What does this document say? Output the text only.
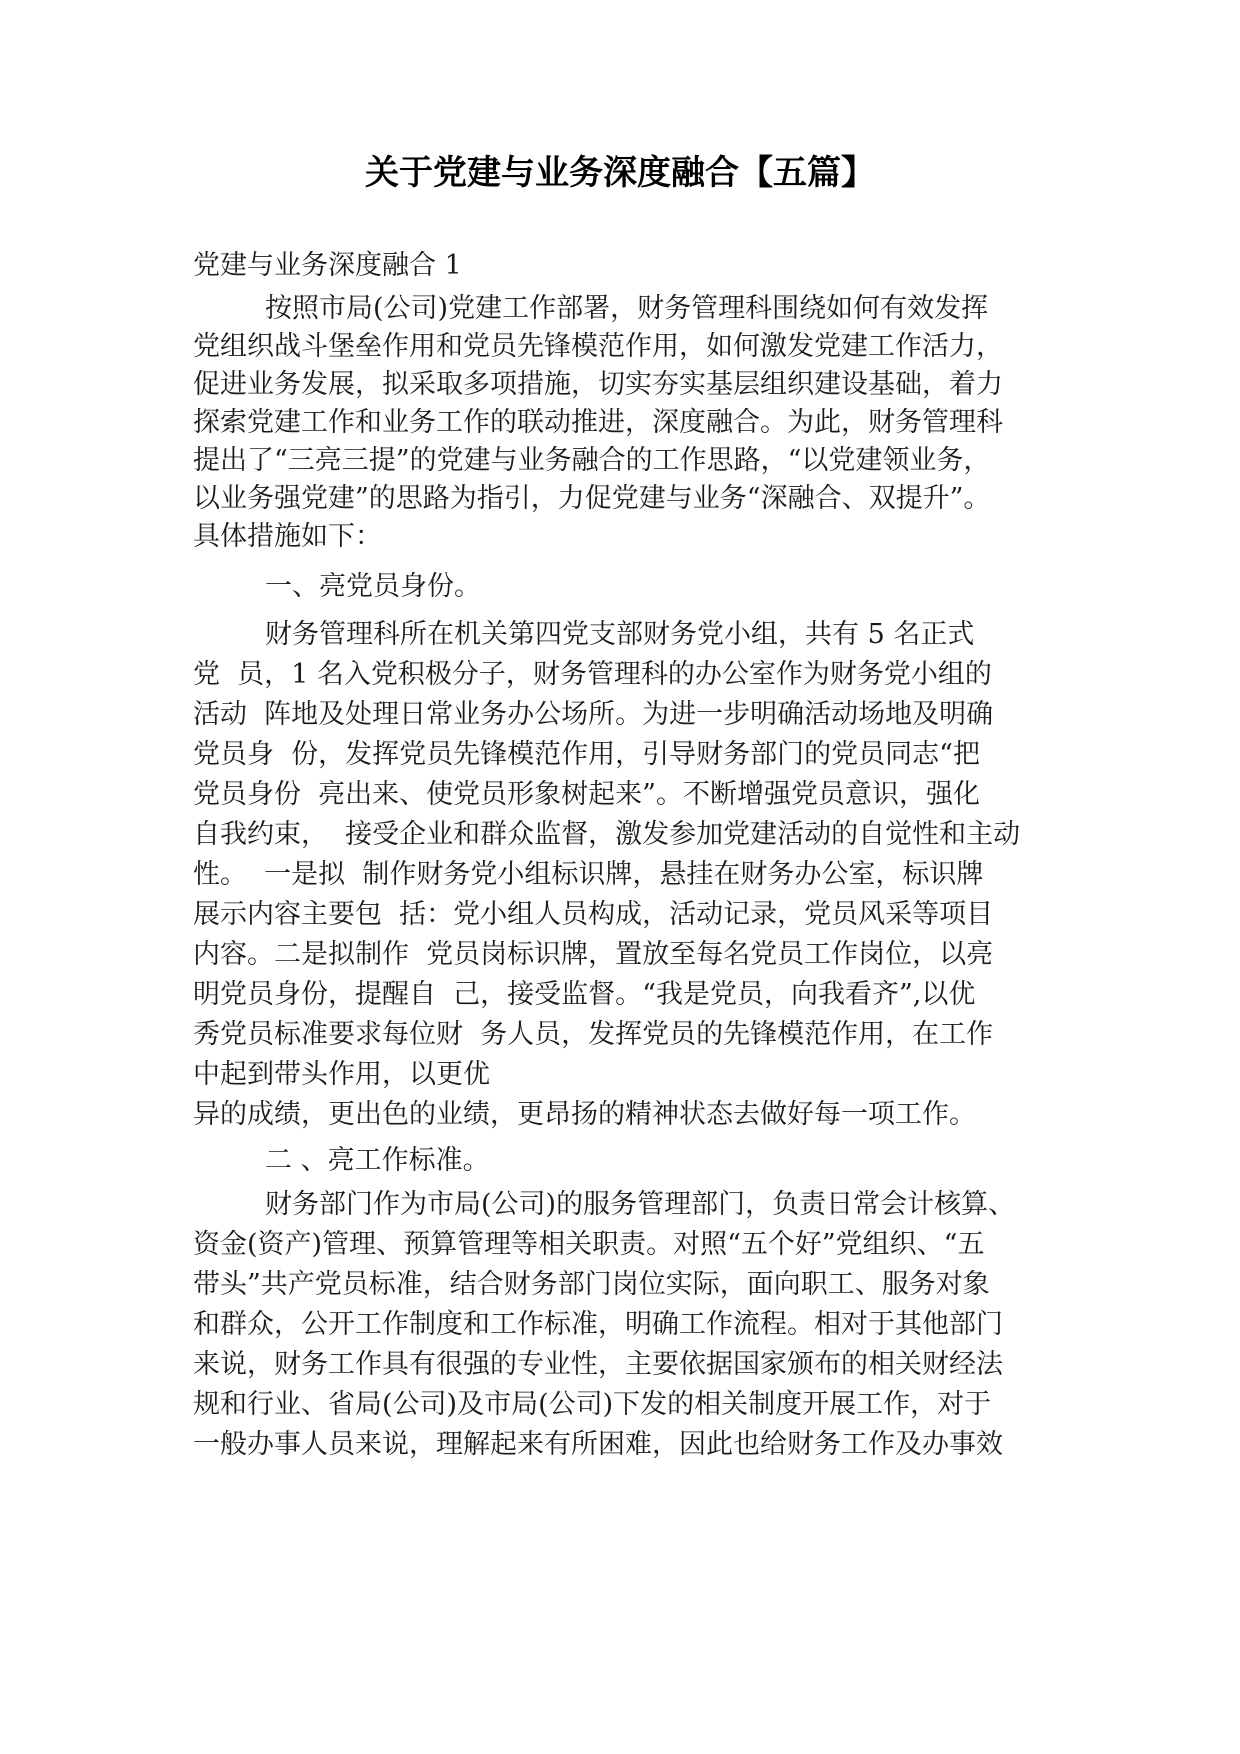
关于党建与业务深度融合【五篇】
党建与业务深度融合 1
按照市局(公司)党建工作部署，财务管理科围绕如何有效发挥
党组织战斗堡垒作用和党员先锋模范作用，如何激发党建工作活力，
促进业务发展，拟采取多项措施，切实夯实基层组织建设基础，着力
探索党建工作和业务工作的联动推进，深度融合。为此，财务管理科
提出了“三亮三提”的党建与业务融合的工作思路，“以党建领业务，
以业务强党建”的思路为指引，力促党建与业务“深融合、双提升”。
具体措施如下：
一、亮党员身份。
财务管理科所在机关第四党支部财务党小组，共有 5 名正式
党  员，1 名入党积极分子，财务管理科的办公室作为财务党小组的
活动  阵地及处理日常业务办公场所。为进一步明确活动场地及明确
党员身  份，发挥党员先锋模范作用，引导财务部门的党员同志“把
党员身份  亮出来、使党员形象树起来”。不断增强党员意识，强化
自我约束，  接受企业和群众监督，激发参加党建活动的自觉性和主动
性。  一是拟  制作财务党小组标识牌，悬挂在财务办公室，标识牌
展示内容主要包  括：党小组人员构成，活动记录，党员风采等项目
内容。二是拟制作  党员岗标识牌，置放至每名党员工作岗位，以亮
明党员身份，提醒自  己，接受监督。“我是党员，向我看齐”,以优
秀党员标准要求每位财  务人员，发挥党员的先锋模范作用，在工作
中起到带头作用，以更优
异的成绩，更出色的业绩，更昂扬的精神状态去做好每一项工作。
二 、亮工作标准。
财务部门作为市局(公司)的服务管理部门，负责日常会计核算、
资金(资产)管理、预算管理等相关职责。对照“五个好”党组织、“五
带头”共产党员标准，结合财务部门岗位实际，面向职工、服务对象
和群众，公开工作制度和工作标准，明确工作流程。相对于其他部门
来说，财务工作具有很强的专业性，主要依据国家颁布的相关财经法
规和行业、省局(公司)及市局(公司)下发的相关制度开展工作，对于
一般办事人员来说，理解起来有所困难，因此也给财务工作及办事效
